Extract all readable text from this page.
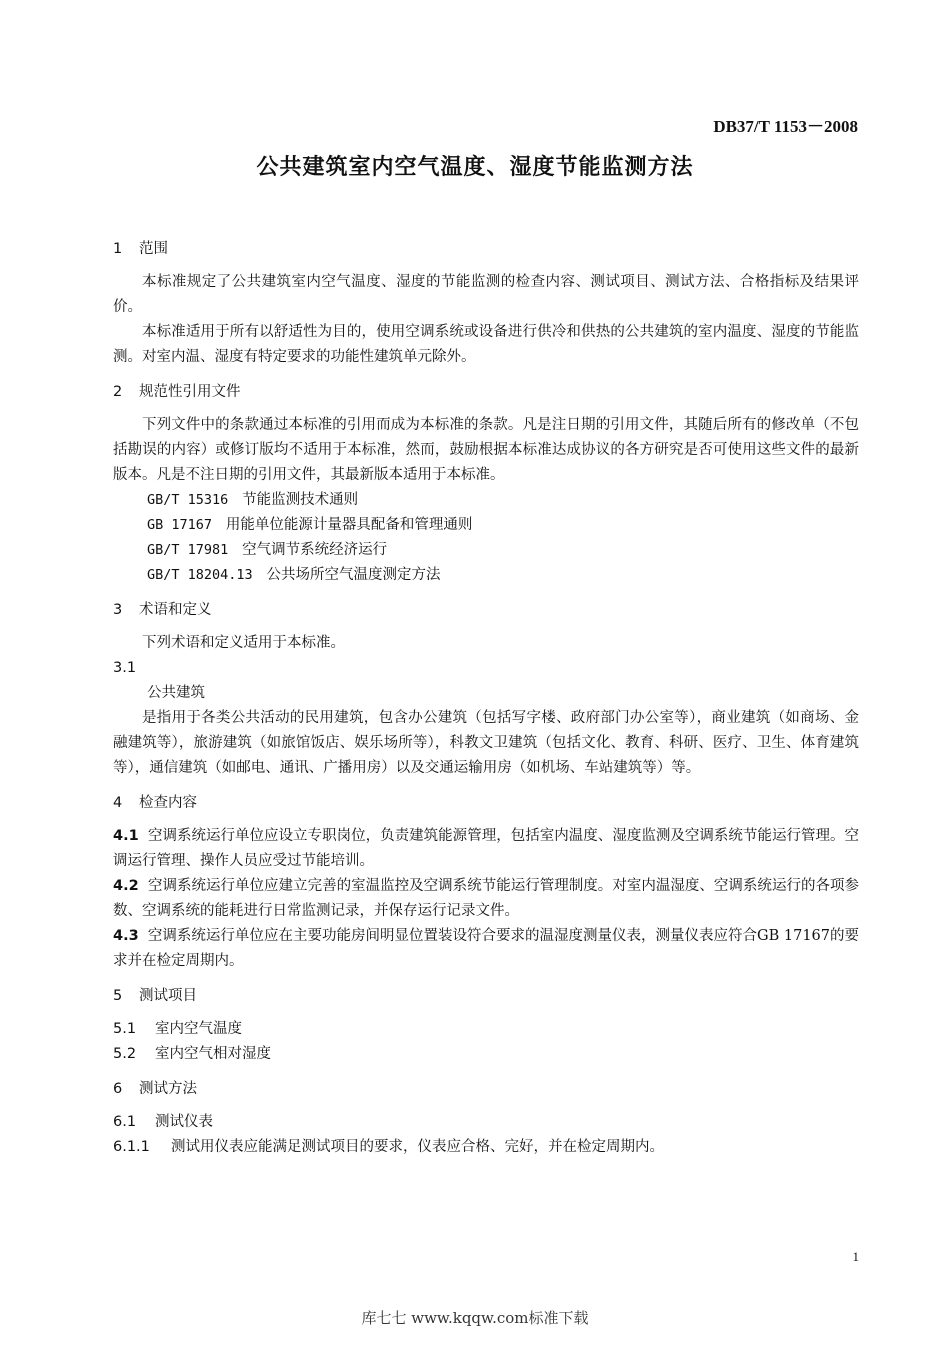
DB37/T 1153－2008
公共建筑室内空气温度、湿度节能监测方法
1 范围

本标准规定了公共建筑室内空气温度、湿度的节能监测的检查内容、测试项目、测试方法、合格指标及结果评价。

本标准适用于所有以舒适性为目的，使用空调系统或设备进行供冷和供热的公共建筑的室内温度、湿度的节能监测。对室内温、湿度有特定要求的功能性建筑单元除外。

2 规范性引用文件

下列文件中的条款通过本标准的引用而成为本标准的条款。凡是注日期的引用文件，其随后所有的修改单（不包括勘误的内容）或修订版均不适用于本标准，然而，鼓励根据本标准达成协议的各方研究是否可使用这些文件的最新版本。凡是不注日期的引用文件，其最新版本适用于本标准。

GB/T 15316 节能监测技术通则
GB 17167 用能单位能源计量器具配备和管理通则
GB/T 17981 空气调节系统经济运行
GB/T 18204.13 公共场所空气温度测定方法
3 术语和定义

下列术语和定义适用于本标准。

3.1
公共建筑

是指用于各类公共活动的民用建筑，包含办公建筑（包括写字楼、政府部门办公室等），商业建筑（如商场、金融建筑等），旅游建筑（如旅馆饭店、娱乐场所等），科教文卫建筑（包括文化、教育、科研、医疗、卫生、体育建筑等），通信建筑（如邮电、通讯、广播用房）以及交通运输用房（如机场、车站建筑等）等。

4 检查内容

4.1 空调系统运行单位应设立专职岗位，负责建筑能源管理，包括室内温度、湿度监测及空调系统节能运行管理。空调运行管理、操作人员应受过节能培训。

4.2 空调系统运行单位应建立完善的室温监控及空调系统节能运行管理制度。对室内温湿度、空调系统运行的各项参数、空调系统的能耗进行日常监测记录，并保存运行记录文件。

4.3 空调系统运行单位应在主要功能房间明显位置装设符合要求的温湿度测量仪表，测量仪表应符合GB 17167的要求并在检定周期内。

5 测试项目
5.1 室内空气温度
5.2 室内空气相对湿度
6 测试方法
6.1 测试仪表
6.1.1 测试用仪表应能满足测试项目的要求，仪表应合格、完好，并在检定周期内。
1
库七七 www.kqqw.com标准下载
